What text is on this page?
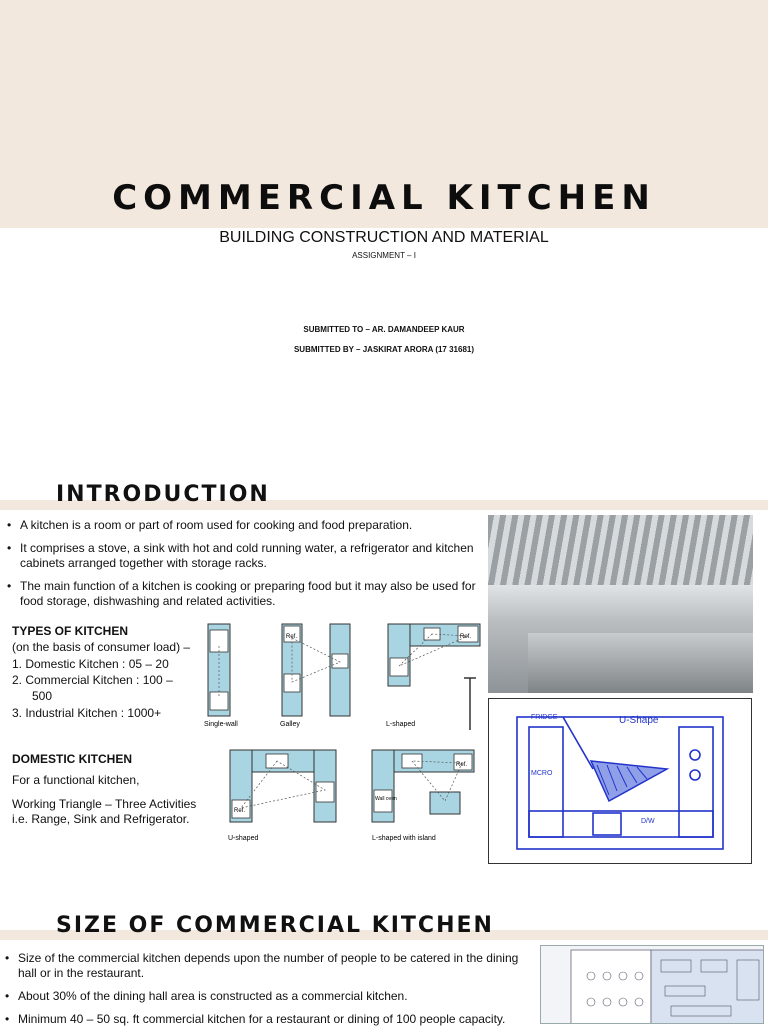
COMMERCIAL KITCHEN
BUILDING CONSTRUCTION AND MATERIAL
ASSIGNMENT – I
SUBMITTED TO – AR. DAMANDEEP KAUR
SUBMITTED BY – JASKIRAT ARORA (17 31681)
INTRODUCTION
• A kitchen is a room or part of room used for cooking and food preparation.
• It comprises a stove, a sink with hot and cold running water, a refrigerator and kitchen cabinets arranged together with storage racks.
• The main function of a kitchen is cooking or preparing food but it may also be used for food storage, dishwashing and related activities.
TYPES OF KITCHEN
(on the basis of consumer load) –
1. Domestic Kitchen : 05 – 20
2. Commercial Kitchen : 100 –
500
3. Industrial Kitchen : 1000+
DOMESTIC KITCHEN
For a functional kitchen,
Working Triangle – Three Activities
i.e. Range, Sink and Refrigerator.
Single-wall	Galley	L-shaped
U-shaped	L-shaped with island
Ref.	Ref.
Ref.
Ref.
Wall oven
U-Shape
FRIDGE
MCRO
D/W
SIZE OF COMMERCIAL KITCHEN
• Size of the commercial kitchen depends upon the number of people to be catered in the dining hall or in the restaurant.
• About 30% of the dining hall area is constructed as a commercial kitchen.
• Minimum 40 – 50 sq. ft commercial kitchen for a restaurant or dining of 100 people capacity.
